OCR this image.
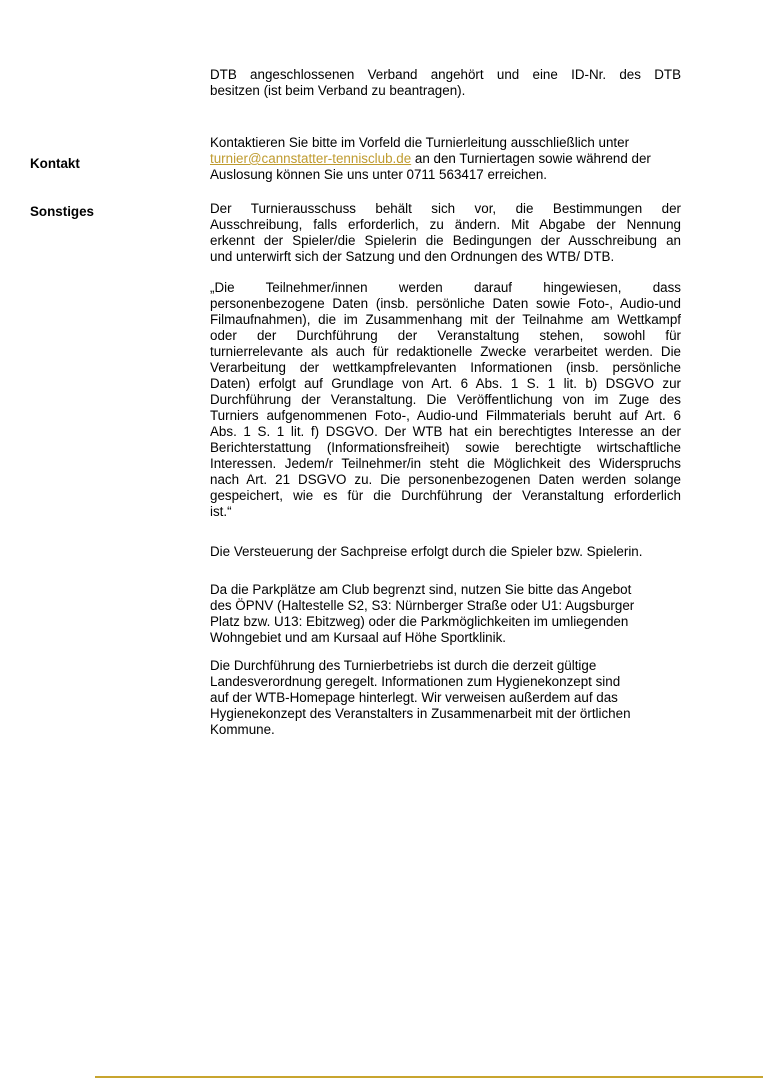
DTB angeschlossenen Verband angehört und eine ID-Nr. des DTB
besitzen (ist beim Verband zu beantragen).
Kontakt
Kontaktieren Sie bitte im Vorfeld die Turnierleitung ausschließlich unter
turnier@cannstatter-tennisclub.de an den Turniertagen sowie während der
Auslosung können Sie uns unter 0711 563417 erreichen.
Sonstiges	Der Turnierausschuss behält sich vor, die Bestimmungen der
Ausschreibung, falls erforderlich, zu ändern. Mit Abgabe der Nennung
erkennt der Spieler/die Spielerin die Bedingungen der Ausschreibung an
und unterwirft sich der Satzung und den Ordnungen des WTB/ DTB.
„Die Teilnehmer/innen werden darauf hingewiesen, dass
personenbezogene Daten (insb. persönliche Daten sowie Foto-, Audio-und
Filmaufnahmen), die im Zusammenhang mit der Teilnahme am Wettkampf
oder der Durchführung der Veranstaltung stehen, sowohl für
turnierrelevante als auch für redaktionelle Zwecke verarbeitet werden. Die
Verarbeitung der wettkampfrelevanten Informationen (insb. persönliche
Daten) erfolgt auf Grundlage von Art. 6 Abs. 1 S. 1 lit. b) DSGVO zur
Durchführung der Veranstaltung. Die Veröffentlichung von im Zuge des
Turniers aufgenommenen Foto-, Audio-und Filmmaterials beruht auf Art. 6
Abs. 1 S. 1 lit. f) DSGVO. Der WTB hat ein berechtigtes Interesse an der
Berichterstattung (Informationsfreiheit) sowie berechtigte wirtschaftliche
Interessen. Jedem/r Teilnehmer/in steht die Möglichkeit des Widerspruchs
nach Art. 21 DSGVO zu. Die personenbezogenen Daten werden solange
gespeichert, wie es für die Durchführung der Veranstaltung erforderlich
ist.“
Die Versteuerung der Sachpreise erfolgt durch die Spieler bzw. Spielerin.
Da die Parkplätze am Club begrenzt sind, nutzen Sie bitte das Angebot
des ÖPNV (Haltestelle S2, S3: Nürnberger Straße oder U1: Augsburger
Platz bzw. U13: Ebitzweg) oder die Parkmöglichkeiten im umliegenden
Wohngebiet und am Kursaal auf Höhe Sportklinik.
Die Durchführung des Turnierbetriebs ist durch die derzeit gültige
Landesverordnung geregelt. Informationen zum Hygienekonzept sind
auf der WTB-Homepage hinterlegt. Wir verweisen außerdem auf das
Hygienekonzept des Veranstalters in Zusammenarbeit mit der örtlichen
Kommune.
